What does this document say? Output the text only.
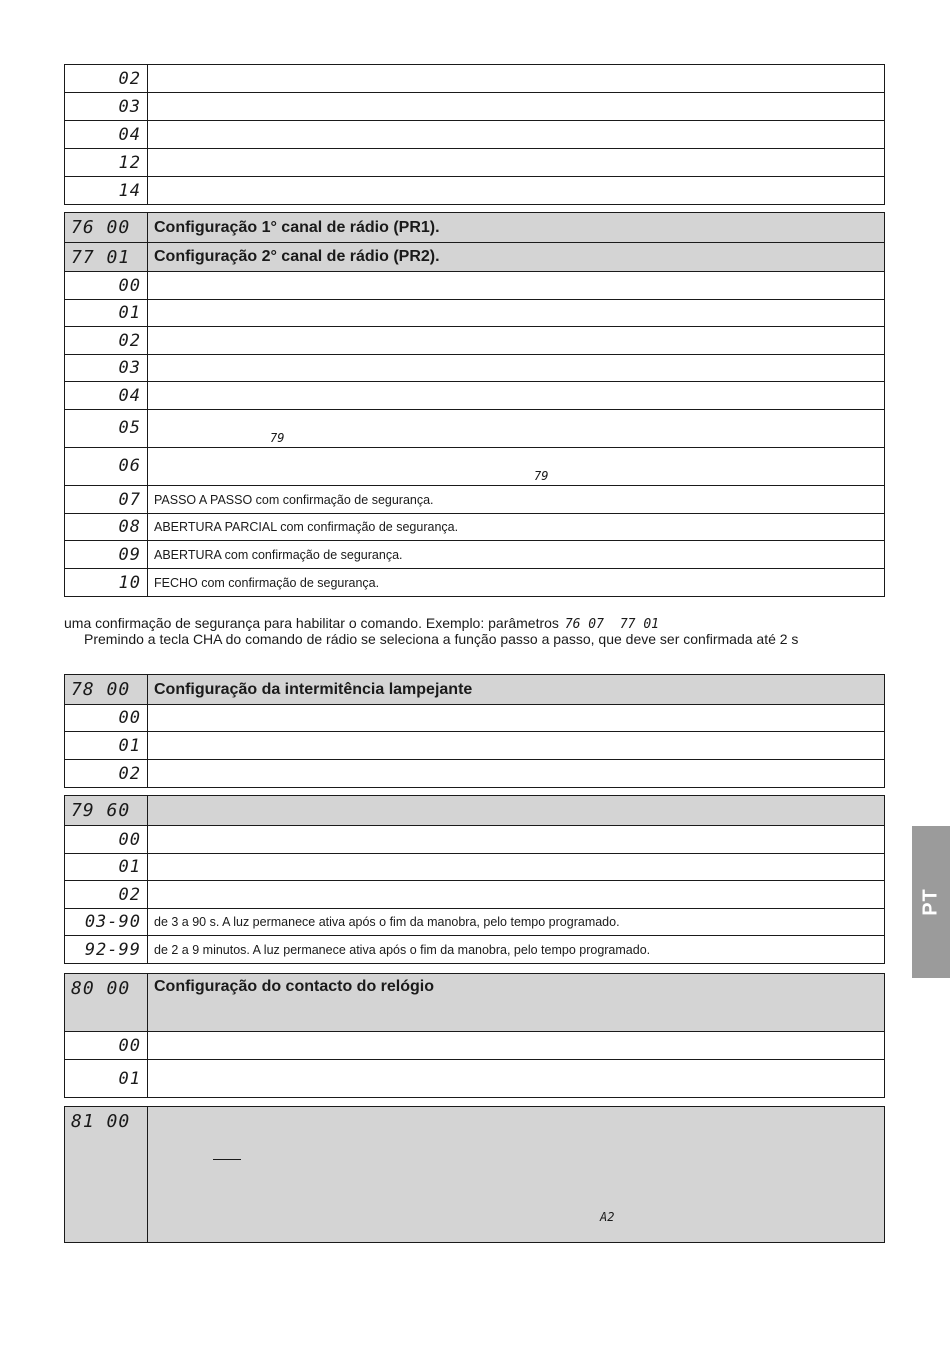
02	
03	
04	
12	
14	
76 00	Configuração 1° canal de rádio (PR1).
77 01	Configuração 2° canal de rádio (PR2).
00	
01	
02	
03	
04	
05	79
06	79
07	PASSO A PASSO com confirmação de segurança.
08	ABERTURA PARCIAL com confirmação de segurança.
09	ABERTURA com confirmação de segurança.
10	FECHO com confirmação de segurança.
uma confirmação de segurança para habilitar o comando. Exemplo: parâmetros 76 07 77 01
Premindo a tecla CHA do comando de rádio se seleciona a função passo a passo, que deve ser confirmada até 2 s
78 00	Configuração da intermitência lampejante
00	
01	
02	
79 60	
00	
01	
02	
03-90	de 3 a 90 s. A luz permanece ativa após o fim da manobra, pelo tempo programado.
92-99	de 2 a 9 minutos. A luz permanece ativa após o fim da manobra, pelo tempo programado.
80 00	Configuração do contacto do relógio
00	
01	
81 00	A2
PT
